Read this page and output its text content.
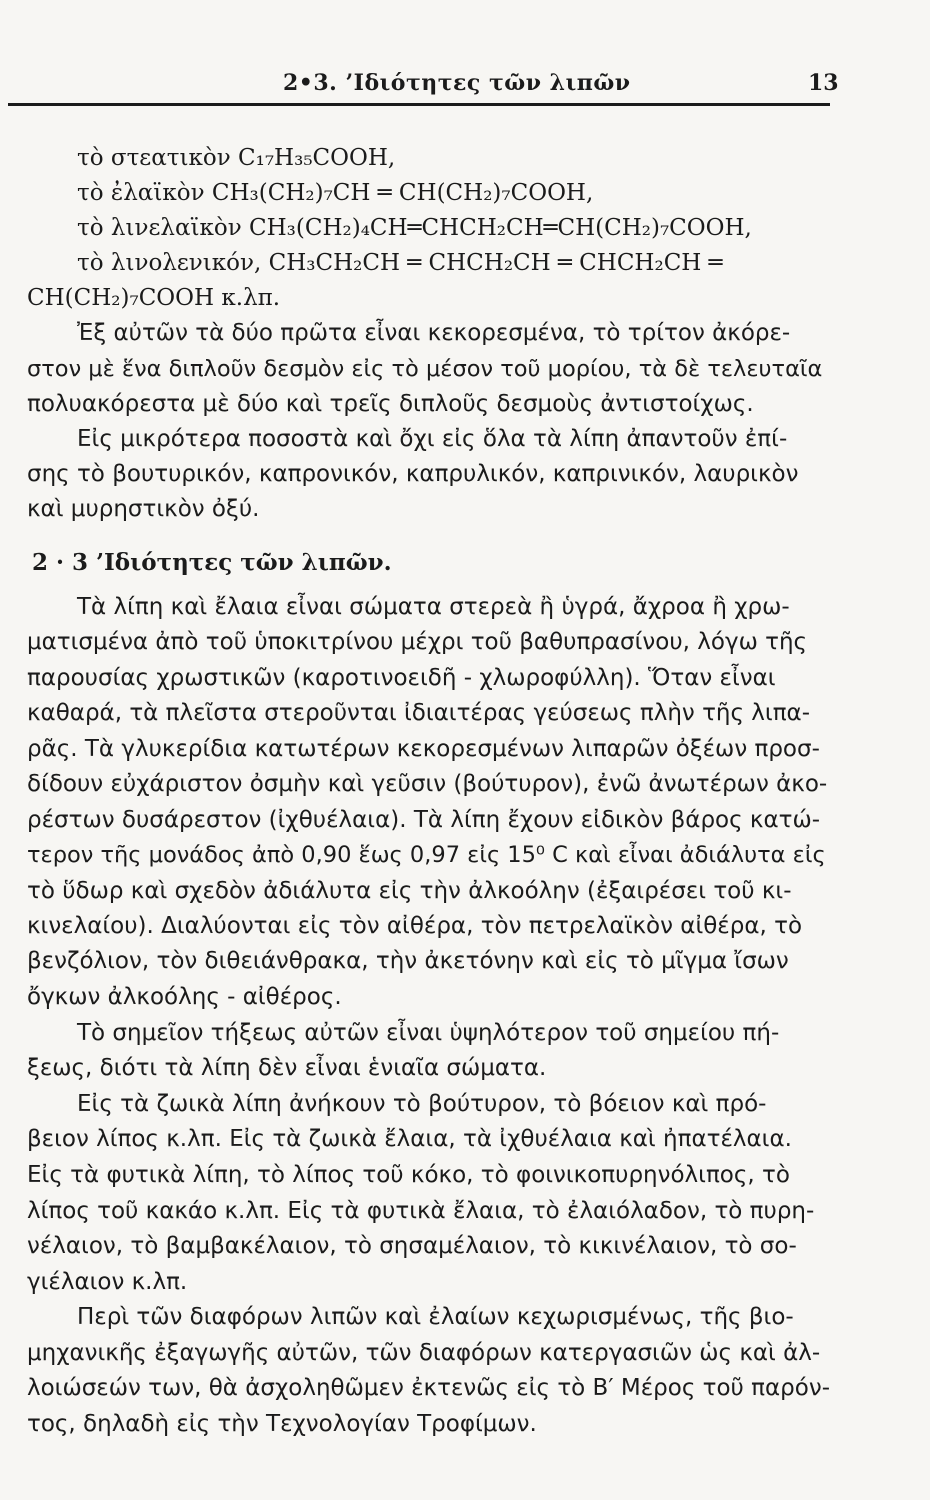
2•3. ’Ιδιότητες τῶν λιπῶν	13
τὸ στεατικὸν C₁₇H₃₅COOH,
τὸ ἐλαϊκὸν CH₃(CH₂)₇CH ═ CH(CH₂)₇COOH,
τὸ λινελαϊκὸν CH₃(CH₂)₄CH═CHCH₂CH═CH(CH₂)₇COOH,
τὸ λινολενικόν, CH₃CH₂CH ═ CHCH₂CH ═ CHCH₂CH ═
CH(CH₂)₇COOH κ.λπ.
Ἐξ αὐτῶν τὰ δύο πρῶτα εἶναι κεκορεσμένα, τὸ τρίτον ἀκόρε-
στον μὲ ἕνα διπλοῦν δεσμὸν εἰς τὸ μέσον τοῦ μορίου, τὰ δὲ τελευταῖα
πολυακόρεστα μὲ δύο καὶ τρεῖς διπλοῦς δεσμοὺς ἀντιστοίχως.
Εἰς μικρότερα ποσοστὰ καὶ ὄχι εἰς ὅλα τὰ λίπη ἀπαντοῦν ἐπί-
σης τὸ βουτυρικόν, καπρονικόν, καπρυλικόν, καπρινικόν, λαυρικὸν
καὶ μυρηστικὸν ὀξύ.
2 · 3 ’Ιδιότητες τῶν λιπῶν.
Τὰ λίπη καὶ ἔλαια εἶναι σώματα στερεὰ ἢ ὑγρά, ἄχροα ἢ χρω-
ματισμένα ἀπὸ τοῦ ὑποκιτρίνου μέχρι τοῦ βαθυπρασίνου, λόγω τῆς
παρουσίας χρωστικῶν (καροτινοειδῆ - χλωροφύλλη). Ὅταν εἶναι
καθαρά, τὰ πλεῖστα στεροῦνται ἰδιαιτέρας γεύσεως πλὴν τῆς λιπα-
ρᾶς. Τὰ γλυκερίδια κατωτέρων κεκορεσμένων λιπαρῶν ὀξέων προσ-
δίδουν εὐχάριστον ὀσμὴν καὶ γεῦσιν (βούτυρον), ἐνῶ ἀνωτέρων ἀκο-
ρέστων δυσάρεστον (ἰχθυέλαια). Τὰ λίπη ἔχουν εἰδικὸν βάρος κατώ-
τερον τῆς μονάδος ἀπὸ 0,90 ἕως 0,97 εἰς 15⁰ C καὶ εἶναι ἀδιάλυτα εἰς
τὸ ὕδωρ καὶ σχεδὸν ἀδιάλυτα εἰς τὴν ἀλκοόλην (ἐξαιρέσει τοῦ κι-
κινελαίου). Διαλύονται εἰς τὸν αἰθέρα, τὸν πετρελαϊκὸν αἰθέρα, τὸ
βενζόλιον, τὸν διθειάνθρακα, τὴν ἀκετόνην καὶ εἰς τὸ μῖγμα ἴσων
ὄγκων ἀλκοόλης - αἰθέρος.
Τὸ σημεῖον τήξεως αὐτῶν εἶναι ὑψηλότερον τοῦ σημείου πή-
ξεως, διότι τὰ λίπη δὲν εἶναι ἑνιαῖα σώματα.
Εἰς τὰ ζωικὰ λίπη ἀνήκουν τὸ βούτυρον, τὸ βόειον καὶ πρό-
βειον λίπος κ.λπ. Εἰς τὰ ζωικὰ ἔλαια, τὰ ἰχθυέλαια καὶ ἠπατέλαια.
Εἰς τὰ φυτικὰ λίπη, τὸ λίπος τοῦ κόκο, τὸ φοινικοπυρηνόλιπος, τὸ
λίπος τοῦ κακάο κ.λπ. Εἰς τὰ φυτικὰ ἔλαια, τὸ ἐλαιόλαδον, τὸ πυρη-
νέλαιον, τὸ βαμβακέλαιον, τὸ σησαμέλαιον, τὸ κικινέλαιον, τὸ σο-
γιέλαιον κ.λπ.
Περὶ τῶν διαφόρων λιπῶν καὶ ἐλαίων κεχωρισμένως, τῆς βιο-
μηχανικῆς ἐξαγωγῆς αὐτῶν, τῶν διαφόρων κατεργασιῶν ὡς καὶ ἀλ-
λοιώσεών των, θὰ ἀσχοληθῶμεν ἐκτενῶς εἰς τὸ Β′ Μέρος τοῦ παρόν-
τος, δηλαδὴ εἰς τὴν Τεχνολογίαν Τροφίμων.
